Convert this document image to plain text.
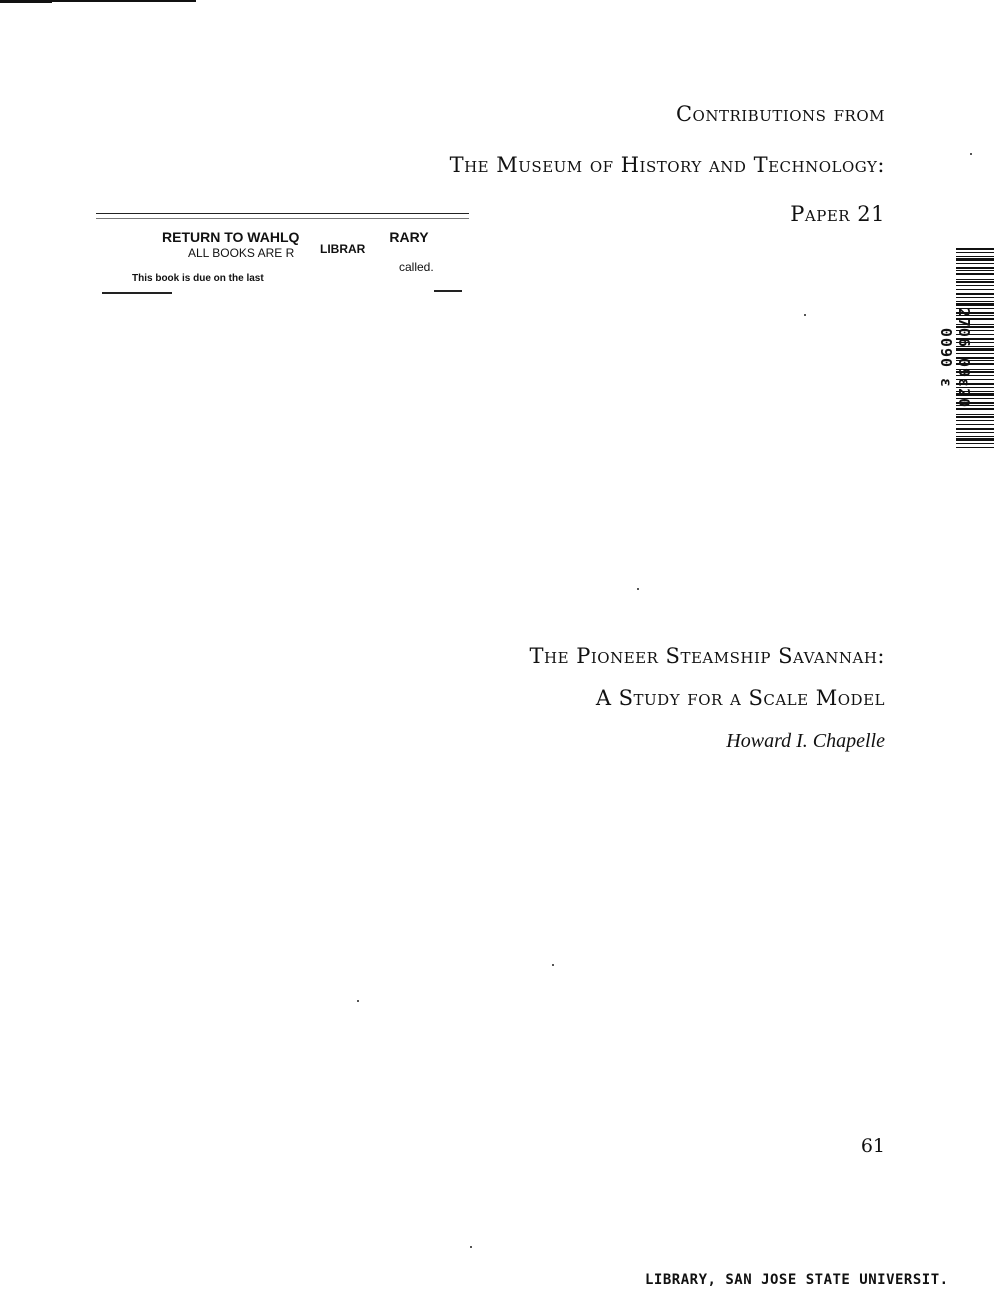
Contributions from
The Museum of History and Technology:
Paper 21
RETURN TO WAHLQ	RARY
ALL BOOKS ARE R LIBRAR
called.
This book is due on the last
2706 09ε20 0090 ε
The Pioneer Steamship Savannah:
A Study for a Scale Model
Howard I. Chapelle
61
LIBRARY, SAN JOSE STATE UNIVERSIT.
